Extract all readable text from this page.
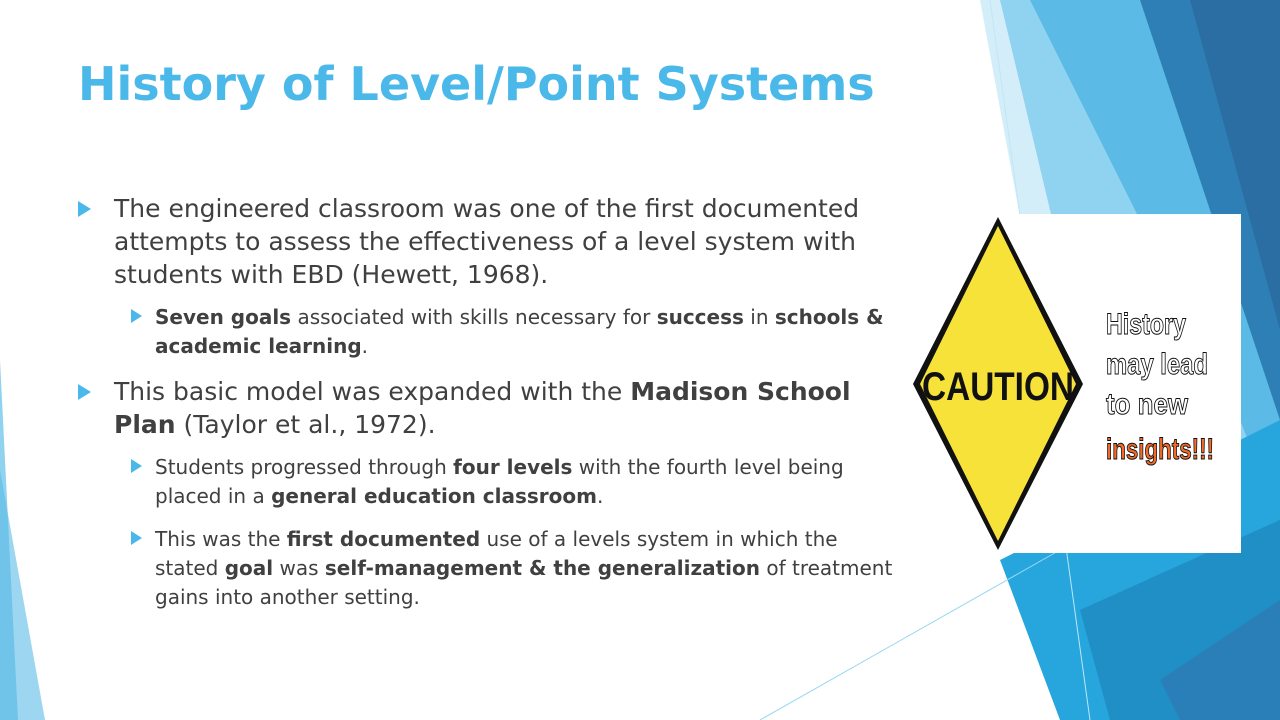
History of Level/Point Systems
The engineered classroom was one of the first documented attempts to assess the effectiveness of a level system with students with EBD (Hewett, 1968).
Seven goals associated with skills necessary for success in schools & academic learning.
This basic model was expanded with the Madison School Plan (Taylor et al., 1972).
Students progressed through four levels with the fourth level being placed in a general education classroom.
This was the first documented use of a levels system in which the stated goal was self-management & the generalization of treatment gains into another setting.
CAUTION
History
may lead
to new
insights!!!
